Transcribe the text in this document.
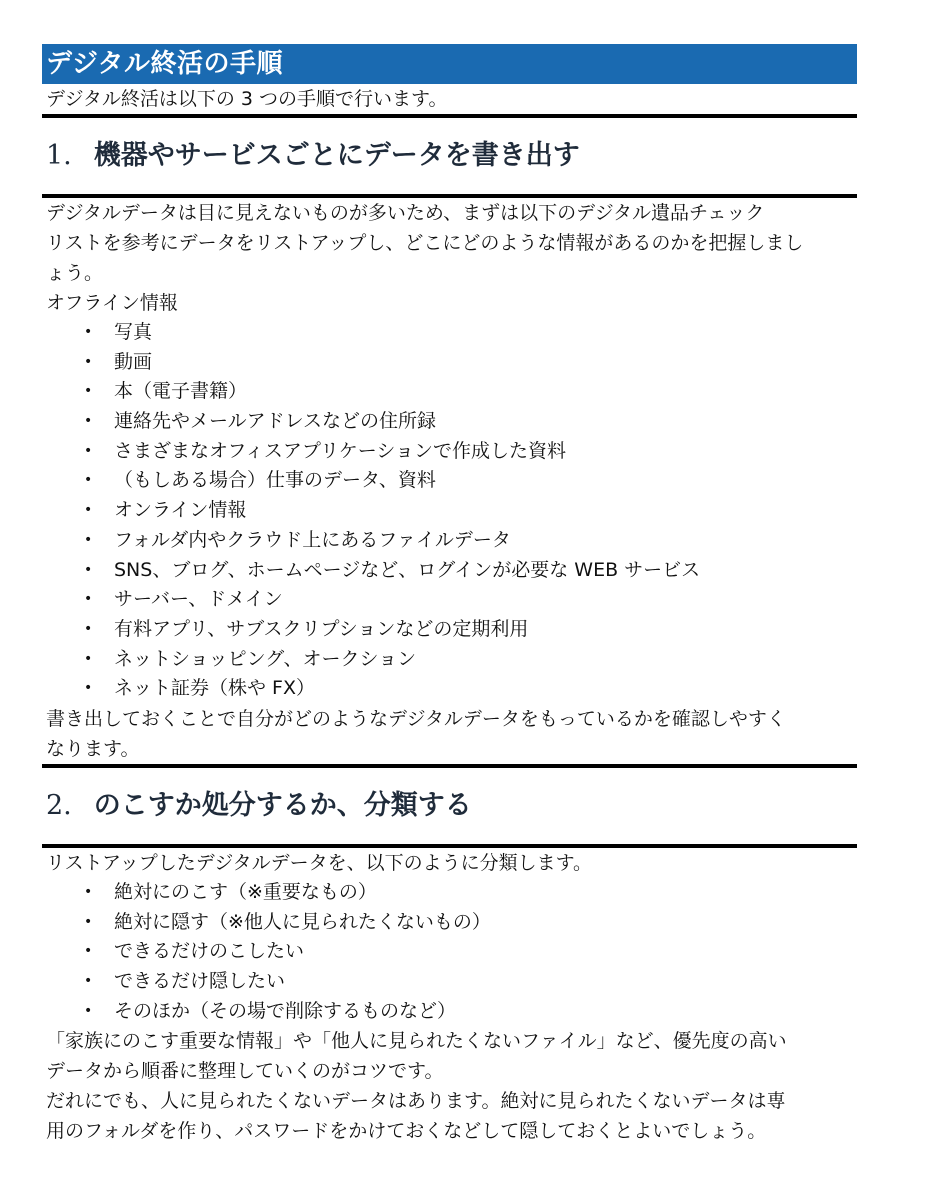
デジタル終活の手順
デジタル終活は以下の 3 つの手順で行います。
1. 機器やサービスごとにデータを書き出す

デジタルデータは目に見えないものが多いため、まずは以下のデジタル遺品チェック
リストを参考にデータをリストアップし、どこにどのような情報があるのかを把握しまし
ょう。
オフライン情報

• 写真
• 動画
• 本（電子書籍）
• 連絡先やメールアドレスなどの住所録
• さまざまなオフィスアプリケーションで作成した資料
• （もしある場合）仕事のデータ、資料
• オンライン情報
• フォルダ内やクラウド上にあるファイルデータ
• SNS、ブログ、ホームページなど、ログインが必要な WEB サービス
• サーバー、ドメイン
• 有料アプリ、サブスクリプションなどの定期利用
• ネットショッピング、オークション
• ネット証券（株や FX）

書き出しておくことで自分がどのようなデジタルデータをもっているかを確認しやすく
なります。

2. のこすか処分するか、分類する

リストアップしたデジタルデータを、以下のように分類します。

• 絶対にのこす（※重要なもの）
• 絶対に隠す（※他人に見られたくないもの）
• できるだけのこしたい
• できるだけ隠したい
• そのほか（その場で削除するものなど）

「家族にのこす重要な情報」や「他人に見られたくないファイル」など、優先度の高い
データから順番に整理していくのがコツです。
だれにでも、人に見られたくないデータはあります。絶対に見られたくないデータは専
用のフォルダを作り、パスワードをかけておくなどして隠しておくとよいでしょう。
